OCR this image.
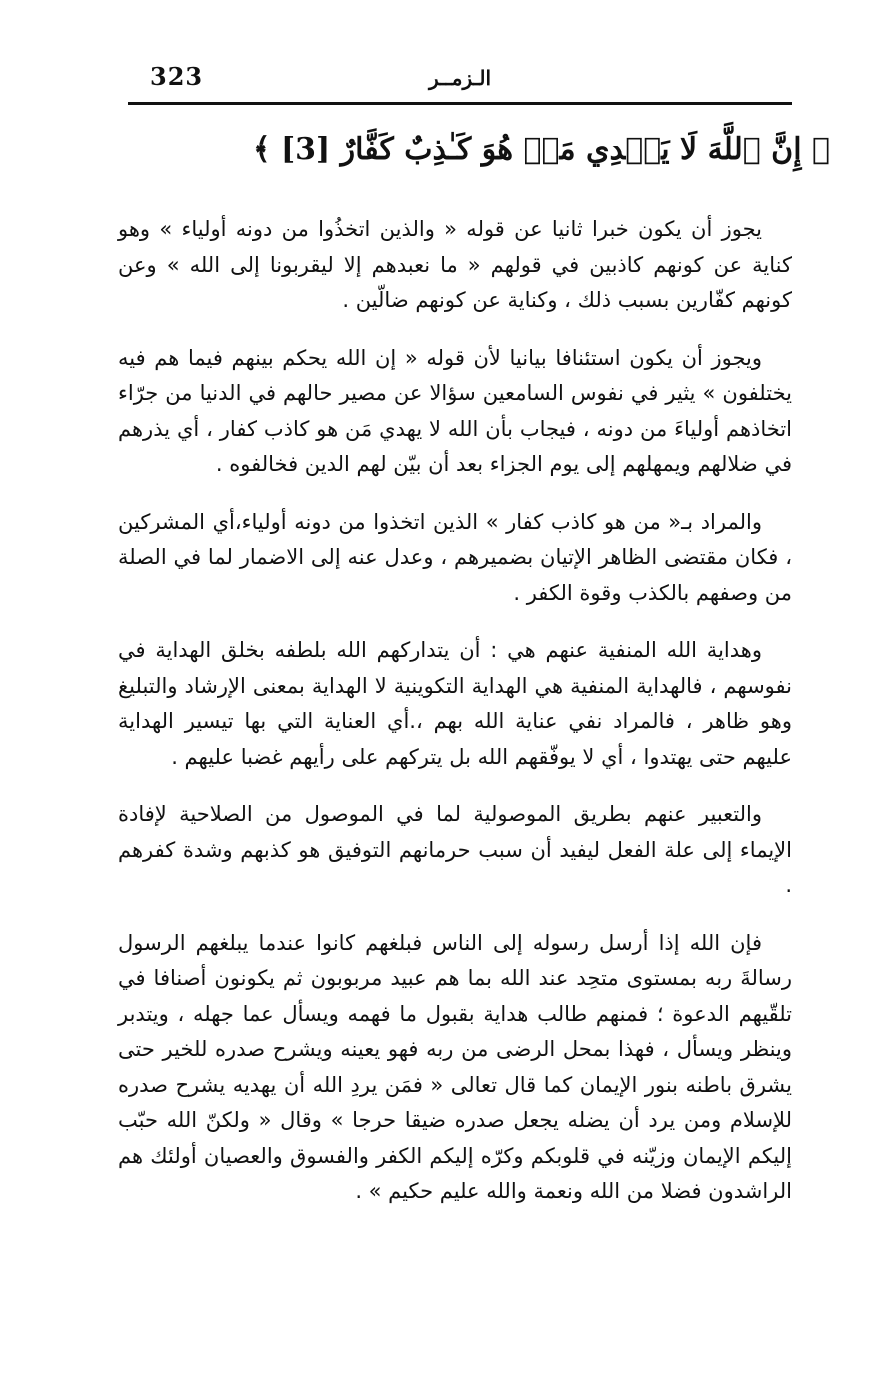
323	الـزمــر
﴿ إِنَّ ٱللَّهَ لَا يَهۡدِي مَنۡ هُوَ كَـٰذِبٌ كَفَّارٌ [3] ﴾

يجوز أن يكون خبرا ثانيا عن قوله « والذين اتخذُوا من دونه أولياء » وهو كناية عن كونهم كاذبين في قولهم « ما نعبدهم إلا ليقربونا إلى الله » وعن كونهم كفّارين بسبب ذلك ، وكناية عن كونهم ضالّين .

ويجوز أن يكون استئنافا بيانيا لأن قوله « إن الله يحكم بينهم فيما هم فيه يختلفون » يثير في نفوس السامعين سؤالا عن مصير حالهم في الدنيا من جرّاء اتخاذهم أولياءَ من دونه ، فيجاب بأن الله لا يهدي مَن هو كاذب كفار ، أي يذرهم في ضلالهم ويمهلهم إلى يوم الجزاء بعد أن بيّن لهم الدين فخالفوه .

والمراد بـ« من هو كاذب كفار » الذين اتخذوا من دونه أولياء،أي المشركين ، فكان مقتضى الظاهر الإتيان بضميرهم ، وعدل عنه إلى الاضمار لما في الصلة من وصفهم بالكذب وقوة الكفر .

وهداية الله المنفية عنهم هي : أن يتداركهم الله بلطفه بخلق الهداية في نفوسهم ، فالهداية المنفية هي الهداية التكوينية لا الهداية بمعنى الإرشاد والتبليغ وهو ظاهر ، فالمراد نفي عناية الله بهم ،.أي العناية التي بها تيسير الهداية عليهم حتى يهتدوا ، أي لا يوفّقهم الله بل يتركهم على رأيهم غضبا عليهم .

والتعبير عنهم بطريق الموصولية لما في الموصول من الصلاحية لإفادة الإيماء إلى علة الفعل ليفيد أن سبب حرمانهم التوفيق هو كذبهم وشدة كفرهم .

فإن الله إذا أرسل رسوله إلى الناس فبلغهم كانوا عندما يبلغهم الرسول رسالةَ ربه بمستوى متحِد عند الله بما هم عبيد مربوبون ثم يكونون أصنافا في تلقّيهم الدعوة ؛ فمنهم طالب هداية بقبول ما فهمه ويسأل عما جهله ، ويتدبر وينظر ويسأل ، فهذا بمحل الرضى من ربه فهو يعينه ويشرح صدره للخير حتى يشرق باطنه بنور الإيمان كما قال تعالى « فمَن يردِ الله أن يهديه يشرح صدره للإسلام ومن يرد أن يضله يجعل صدره ضيقا حرجا » وقال « ولكنّ الله حبّب إليكم الإيمان وزيّنه في قلوبكم وكرّه إليكم الكفر والفسوق والعصيان أولئك هم الراشدون فضلا من الله ونعمة والله عليم حكيم » .
